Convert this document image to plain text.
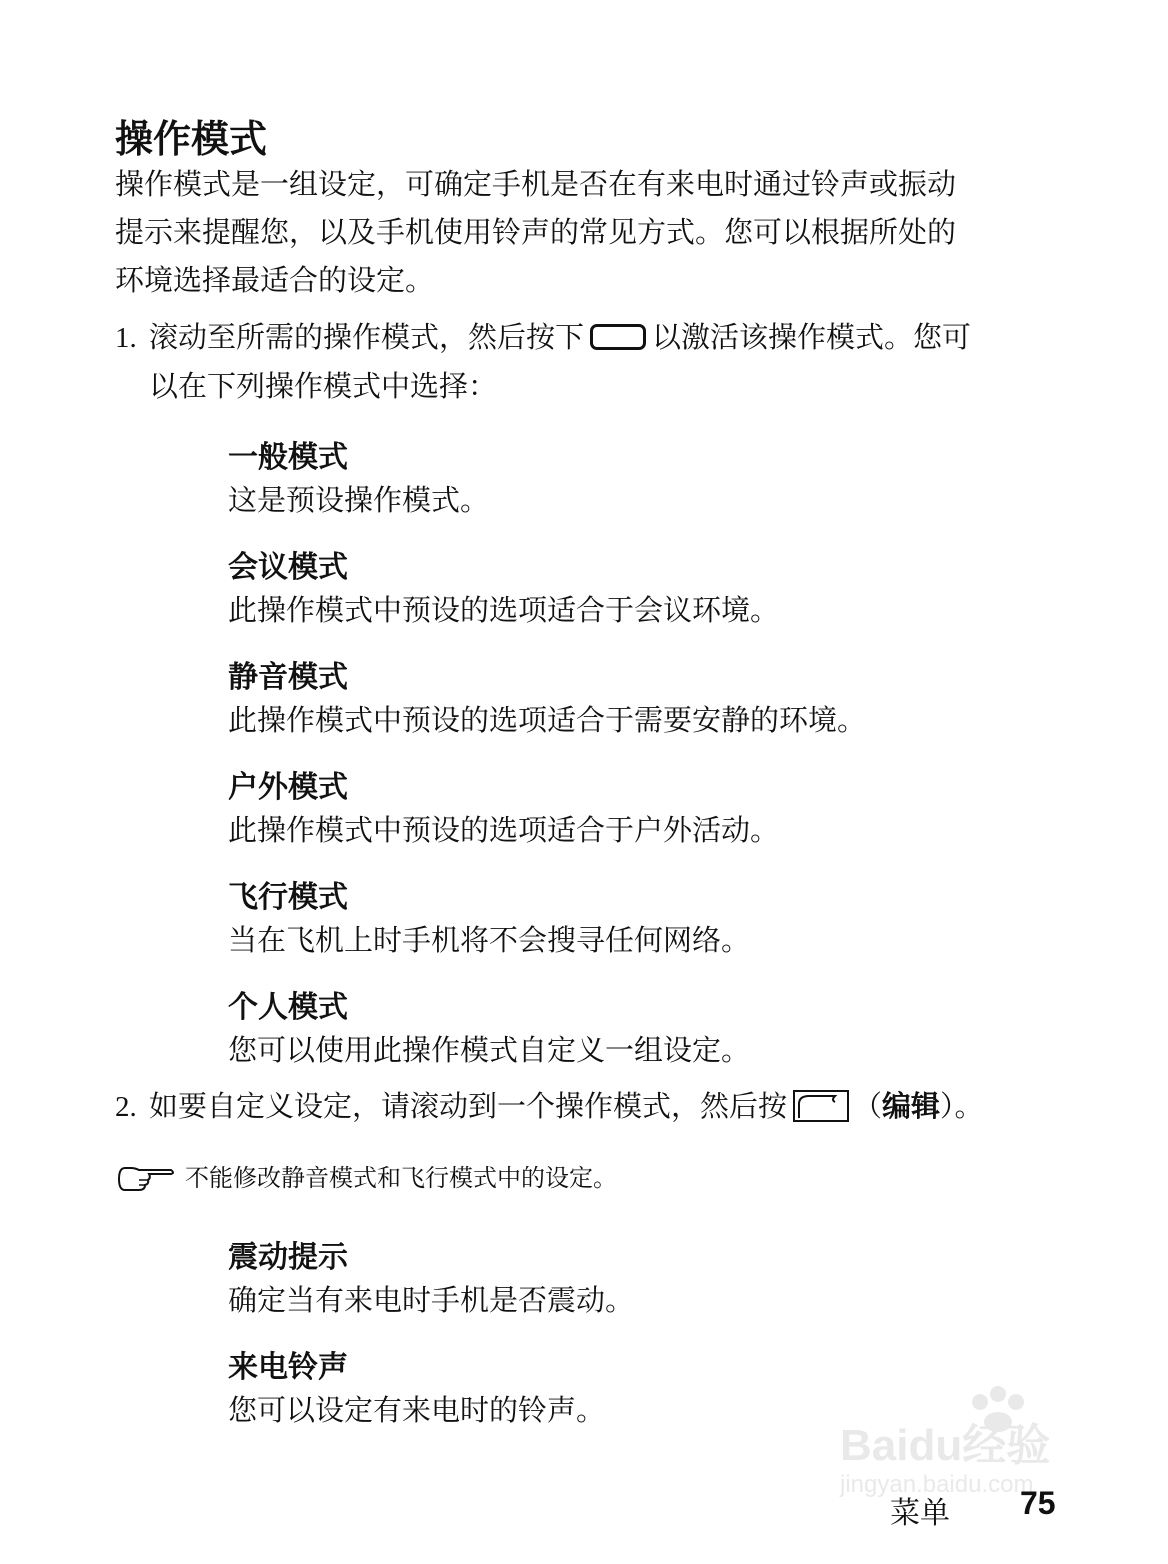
操作模式
操作模式是一组设定，可确定手机是否在有来电时通过铃声或振动
提示来提醒您，以及手机使用铃声的常见方式。您可以根据所处的
环境选择最适合的设定。
1. 滚动至所需的操作模式，然后按下 以激活该操作模式。您可
以在下列操作模式中选择：
一般模式
这是预设操作模式。
会议模式
此操作模式中预设的选项适合于会议环境。
静音模式
此操作模式中预设的选项适合于需要安静的环境。
户外模式
此操作模式中预设的选项适合于户外活动。
飞行模式
当在飞机上时手机将不会搜寻任何网络。
个人模式
您可以使用此操作模式自定义一组设定。
2. 如要自定义设定，请滚动到一个操作模式，然后按 （编辑）。
不能修改静音模式和飞行模式中的设定。
震动提示
确定当有来电时手机是否震动。
来电铃声
您可以设定有来电时的铃声。
Baidu经验
jingyan.baidu.com
菜单 75
